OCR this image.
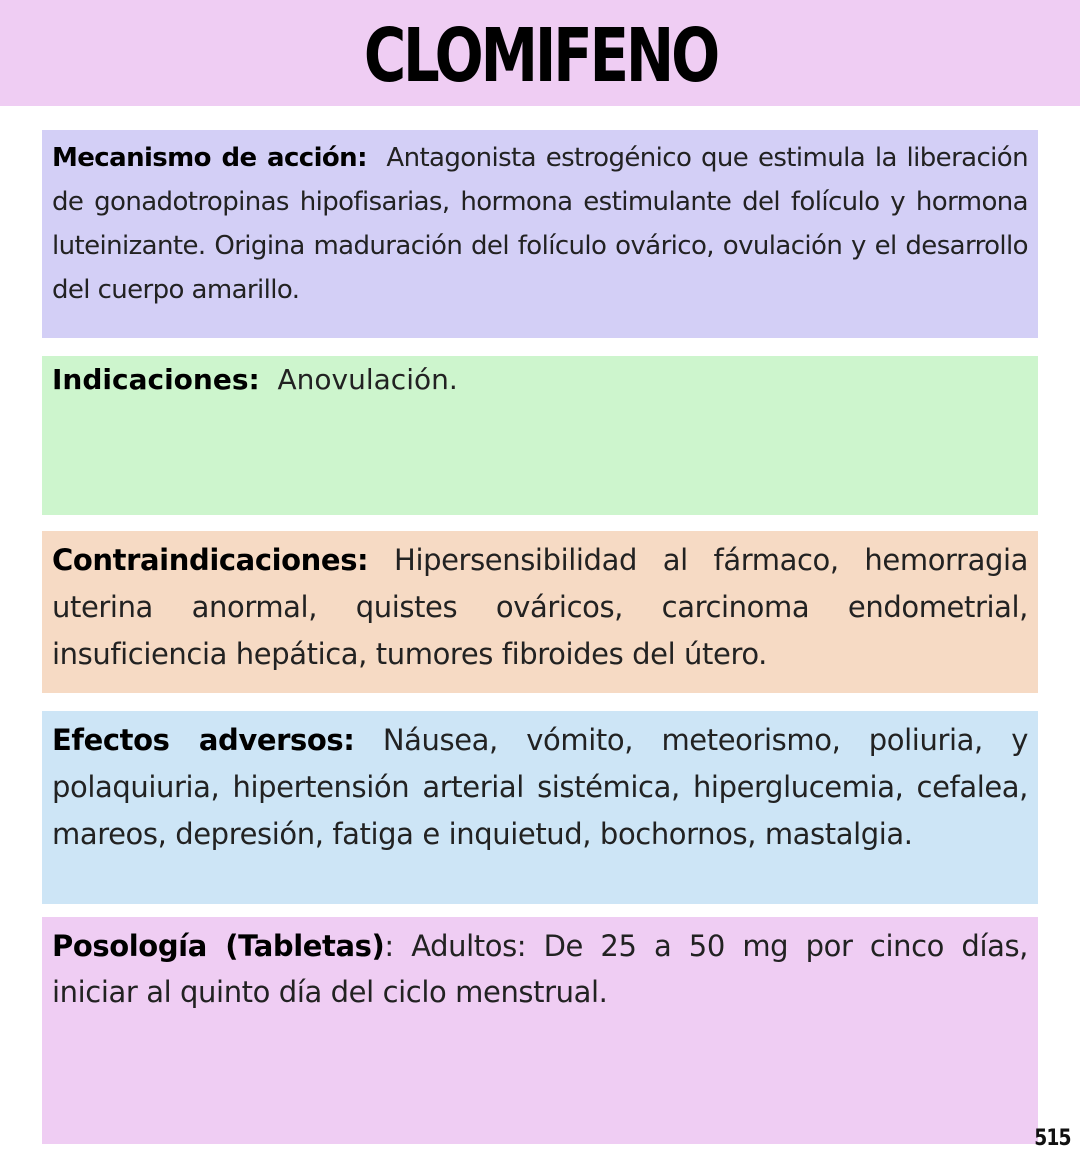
CLOMIFENO

Mecanismo de acción: Antagonista estrogénico que estimula la liberación de gonadotropinas hipofisarias, hormona estimulante del folículo y hormona luteinizante. Origina maduración del folículo ovárico, ovulación y el desarrollo del cuerpo amarillo.

Indicaciones: Anovulación.

Contraindicaciones: Hipersensibilidad al fármaco, hemorragia uterina anormal, quistes ováricos, carcinoma endometrial, insuficiencia hepática, tumores fibroides del útero.

Efectos adversos: Náusea, vómito, meteorismo, poliuria, y polaquiuria, hipertensión arterial sistémica, hiperglucemia, cefalea, mareos, depresión, fatiga e inquietud, bochornos, mastalgia.

Posología (Tabletas): Adultos: De 25 a 50 mg por cinco días, iniciar al quinto día del ciclo menstrual.

515
